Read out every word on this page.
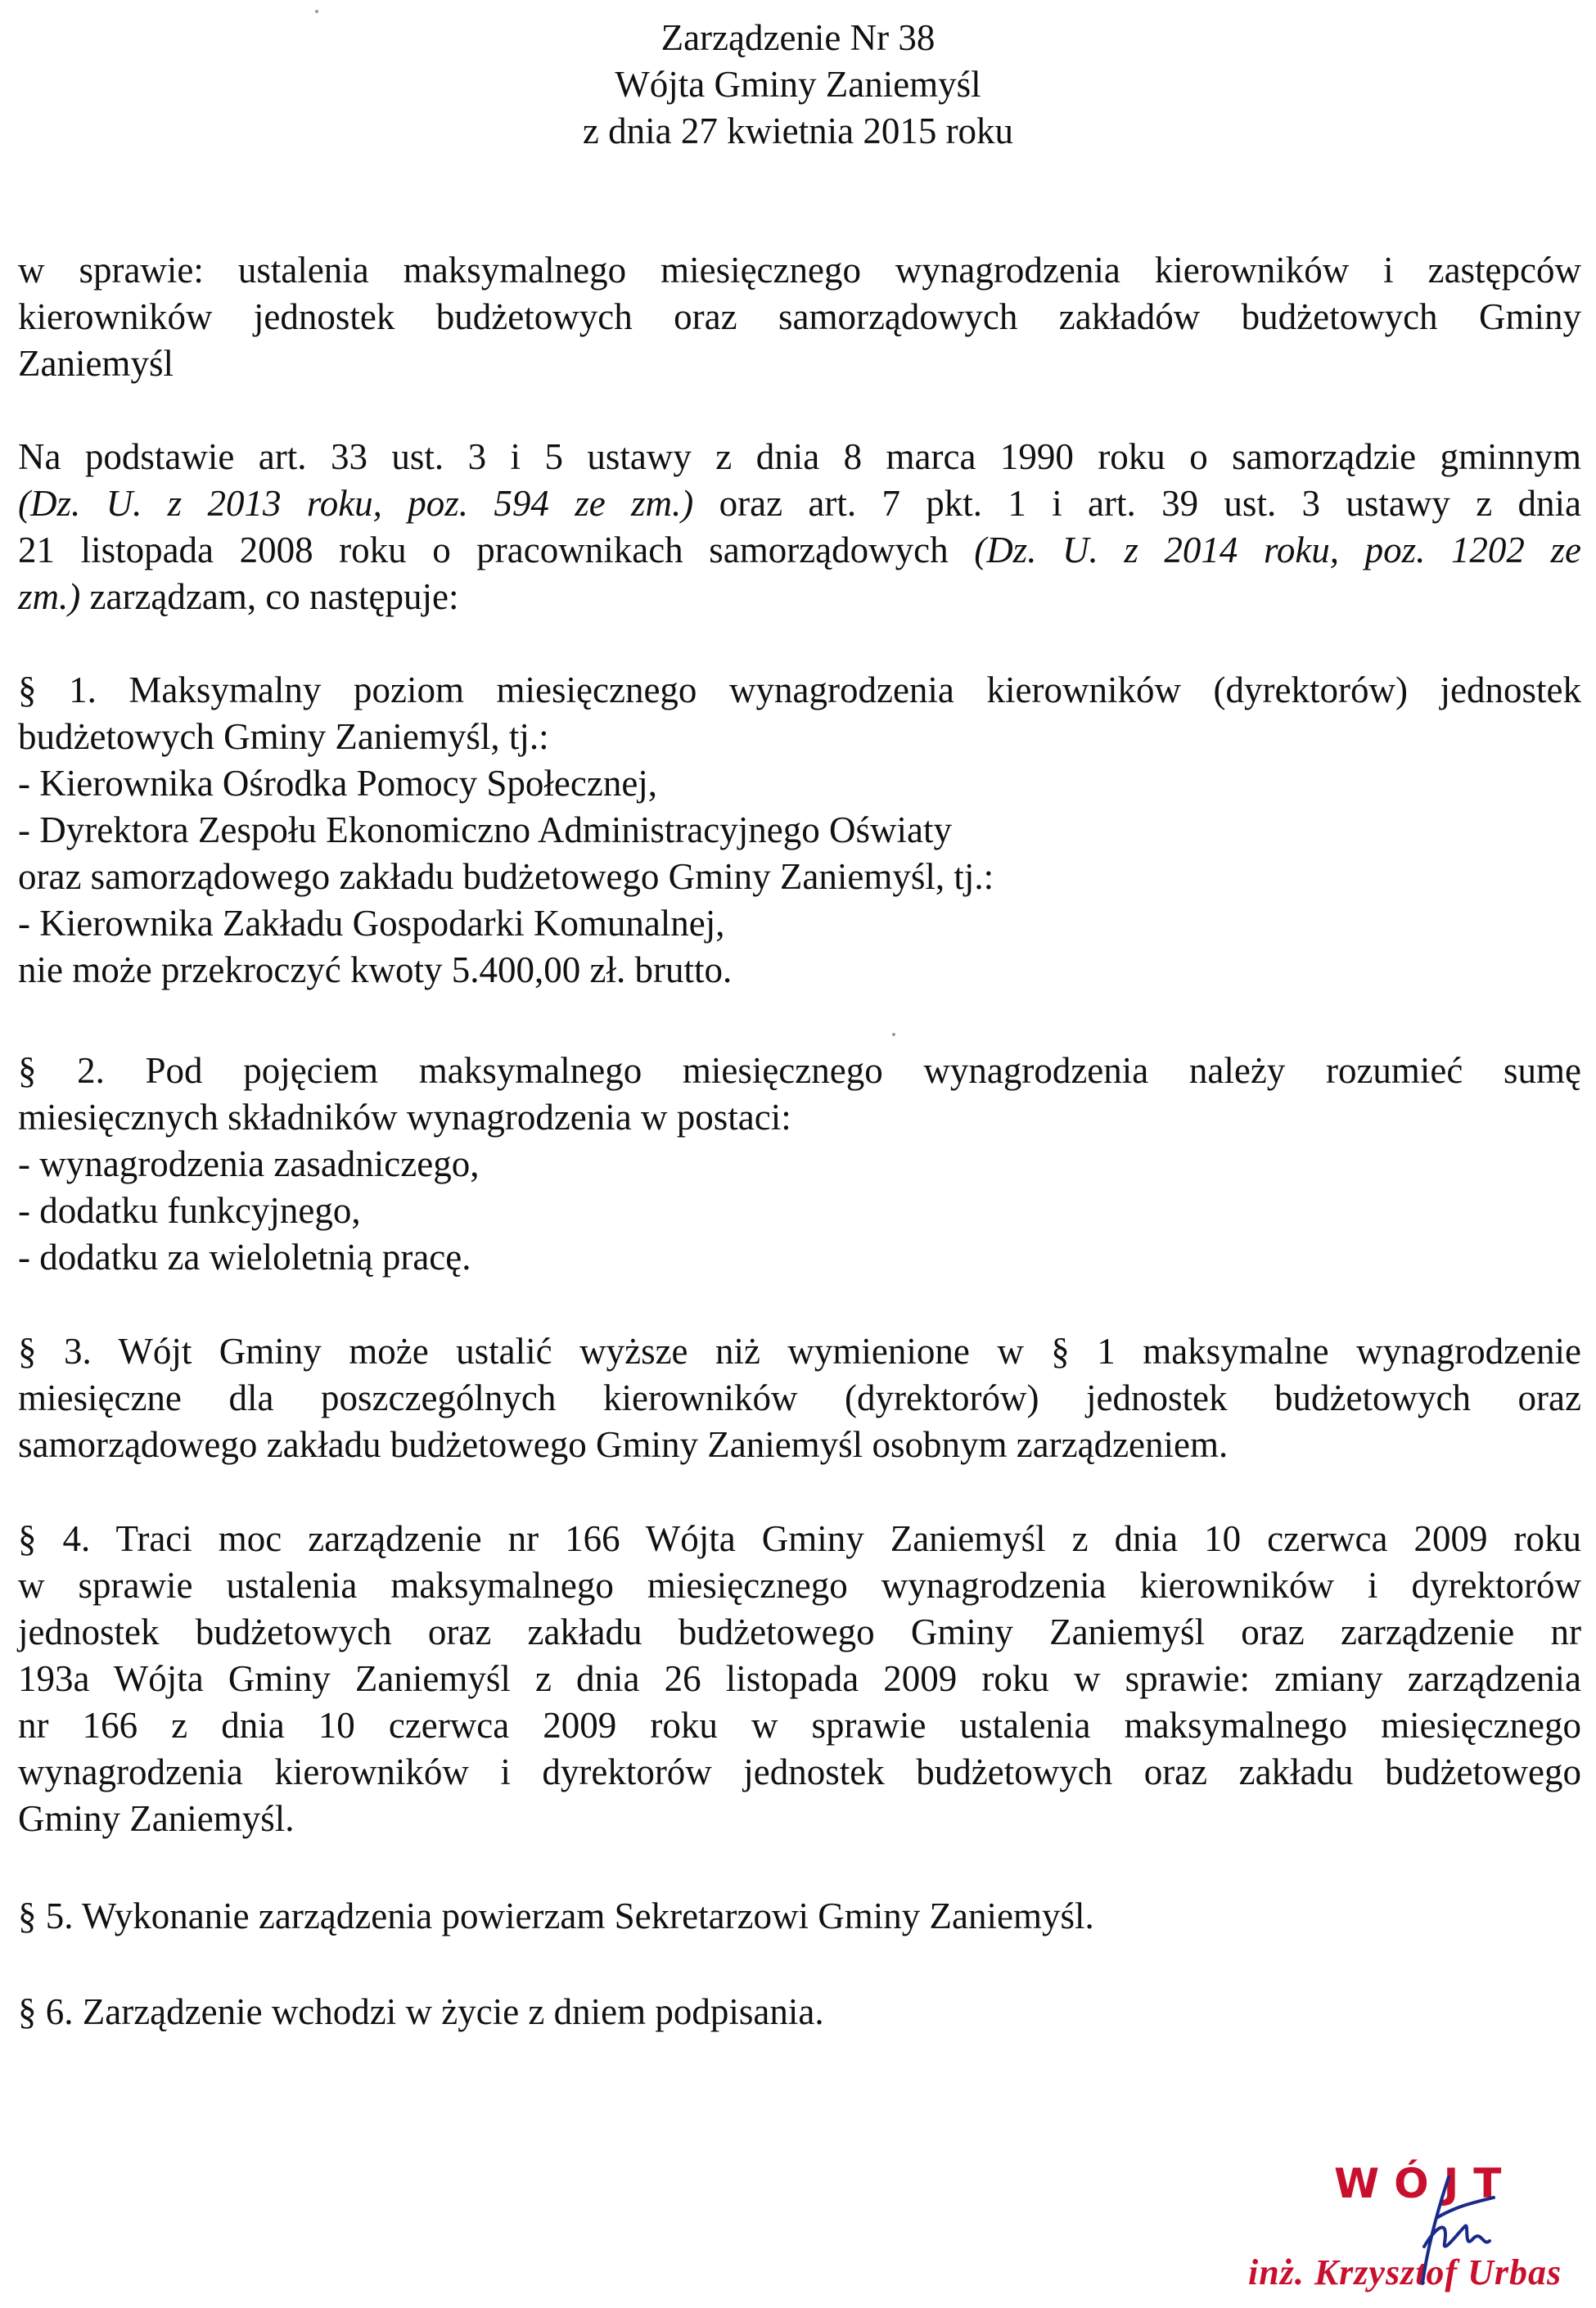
Zarządzenie Nr 38
Wójta Gminy Zaniemyśl
z dnia 27 kwietnia 2015 roku
w sprawie: ustalenia maksymalnego miesięcznego wynagrodzenia kierowników i zastępców
kierowników jednostek budżetowych oraz samorządowych zakładów budżetowych Gminy
Zaniemyśl
Na podstawie art. 33 ust. 3 i 5 ustawy z dnia 8 marca 1990 roku o samorządzie gminnym
(Dz. U. z 2013 roku, poz. 594 ze zm.) oraz art. 7 pkt. 1 i art. 39 ust. 3 ustawy z dnia
21 listopada 2008 roku o pracownikach samorządowych (Dz. U. z 2014 roku, poz. 1202 ze
zm.) zarządzam, co następuje:
§ 1. Maksymalny poziom miesięcznego wynagrodzenia kierowników (dyrektorów) jednostek
budżetowych Gminy Zaniemyśl, tj.:
- Kierownika Ośrodka Pomocy Społecznej,
- Dyrektora Zespołu Ekonomiczno Administracyjnego Oświaty
oraz samorządowego zakładu budżetowego Gminy Zaniemyśl, tj.:
- Kierownika Zakładu Gospodarki Komunalnej,
nie może przekroczyć kwoty 5.400,00 zł. brutto.
§ 2. Pod pojęciem maksymalnego miesięcznego wynagrodzenia należy rozumieć sumę
miesięcznych składników wynagrodzenia w postaci:
- wynagrodzenia zasadniczego,
- dodatku funkcyjnego,
- dodatku za wieloletnią pracę.
§ 3. Wójt Gminy może ustalić wyższe niż wymienione w § 1 maksymalne wynagrodzenie
miesięczne dla poszczególnych kierowników (dyrektorów) jednostek budżetowych oraz
samorządowego zakładu budżetowego Gminy Zaniemyśl osobnym zarządzeniem.
§ 4. Traci moc zarządzenie nr 166 Wójta Gminy Zaniemyśl z dnia 10 czerwca 2009 roku
w sprawie ustalenia maksymalnego miesięcznego wynagrodzenia kierowników i dyrektorów
jednostek budżetowych oraz zakładu budżetowego Gminy Zaniemyśl oraz zarządzenie nr
193a Wójta Gminy Zaniemyśl z dnia 26 listopada 2009 roku w sprawie: zmiany zarządzenia
nr 166 z dnia 10 czerwca 2009 roku w sprawie ustalenia maksymalnego miesięcznego
wynagrodzenia kierowników i dyrektorów jednostek budżetowych oraz zakładu budżetowego
Gminy Zaniemyśl.
§ 5. Wykonanie zarządzenia powierzam Sekretarzowi Gminy Zaniemyśl.
§ 6. Zarządzenie wchodzi w życie z dniem podpisania.
WÓJT
inż. Krzysztof Urbas
